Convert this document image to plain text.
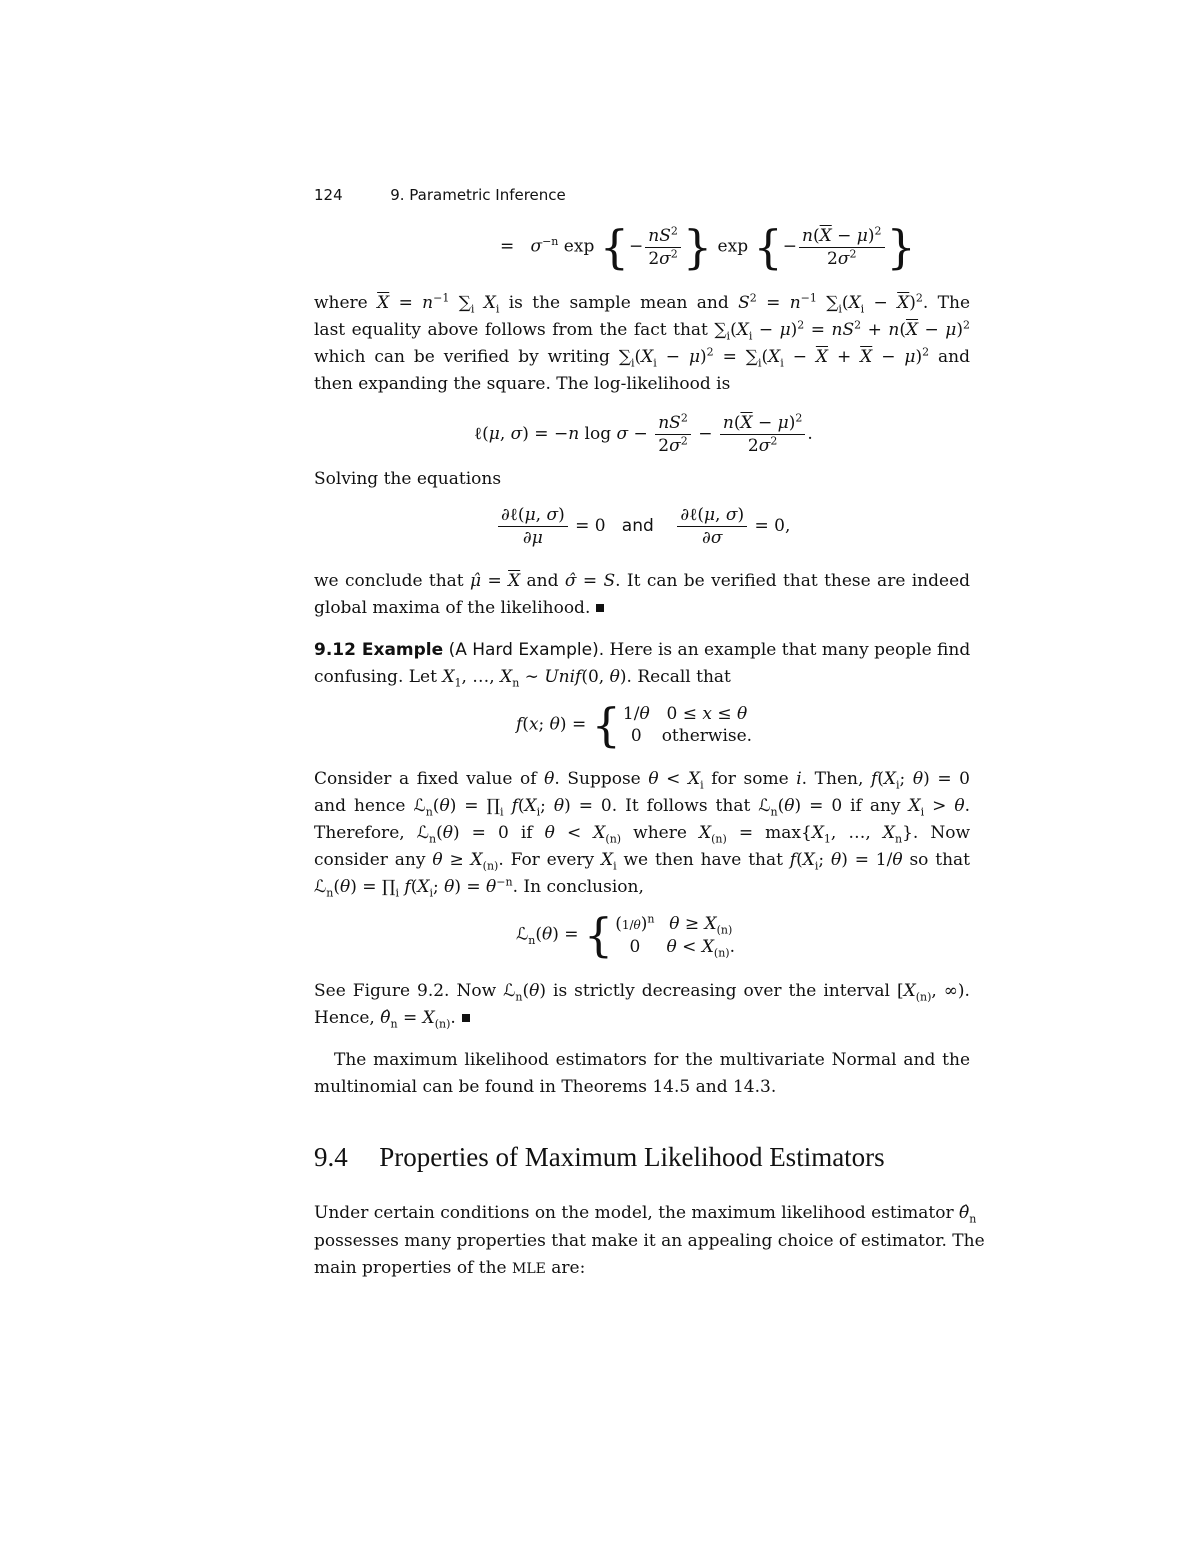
124	9. Parametric Inference
=   $\sigma^{-n}$ exp {− $\frac{nS^2}{2\sigma^2}$ } exp {− $\frac{n(\overline{X} - \mu)^2}{2\sigma^2}$ }
where $\overline{X} = n^{-1}$ $\sum_i$ $X_i$ is the sample mean and $S^2 = n^{-1}$ $\sum_i(X_i - \overline{X})^2$. The
last equality above follows from the fact that $\sum_i(X_i - \mu)^2 = nS^2 + n(\overline{X} - \mu)^2$
which can be verified by writing $\sum_i(X_i - \mu)^2 = \sum_i(X_i - \overline{X} + \overline{X} - \mu)^2$ and
then expanding the square. The log-likelihood is
ℓ(μ, σ) = −n $\log \sigma - \frac{nS^2}{2\sigma^2} - \frac{n(\overline{X} - \mu)^2}{2\sigma^2}$ .
Solving the equations
$\frac{\text{∂ℓ(μ, σ)}}{\partial\mu} = 0$   and $\frac{\text{∂ℓ(μ, σ)}}{\partial\sigma} = 0$,
we conclude that μ̂ = $\overline{X}$ and σ̂ = S. It can be verified that these are indeed
global maxima of the likelihood.
9.12 Example (A Hard Example). Here is an example that many people find
confusing. Let $X_1$, …, $X_n$ ∼ Unif(0, θ). Recall that
f(x; θ) = { 1/θ	0 ≤ x ≤ θ
0	otherwise.
Consider a fixed value of θ. Suppose $\theta < X_i$ for some i. Then, $f(X_i$; θ) = 0
and hence ℒ$_n$(θ) = $\prod_i$ $f(X_i$; θ) = 0. It follows that ℒ$_n$(θ) = 0 if any $X_i > \theta$.
Therefore, ℒ$_n$(θ) = 0 if $\theta < X_{(n)}$ where $X_{(n)} = \max\{X_1$, …, $X_n$}. Now
consider any $\theta \ge X_{(n)}$. For every $X_i$ we then have that $f(X_i$; θ) = 1/θ so that
ℒ$_n$(θ) = $\prod_i$ $f(X_i$; $\theta) = \theta^{-n}$. In conclusion,
ℒ$_n$(θ) = { $(1/\theta)^n$	$\theta \ge X_{(n)}$
0	$\theta < X_{(n)}$.
See Figure 9.2. Now ℒ$_n$(θ) is strictly decreasing over the interval [$X_{(n)}$, ∞).
Hence, $\thetâ_n = X_{(n)}$.
The maximum likelihood estimators for the multivariate Normal and the
multinomial can be found in Theorems 14.5 and 14.3.
9.4 Properties of Maximum Likelihood Estimators
Under certain conditions on the model, the maximum likelihood estimator $\thetâ_n$
possesses many properties that make it an appealing choice of estimator. The
main properties of the MLE are:
